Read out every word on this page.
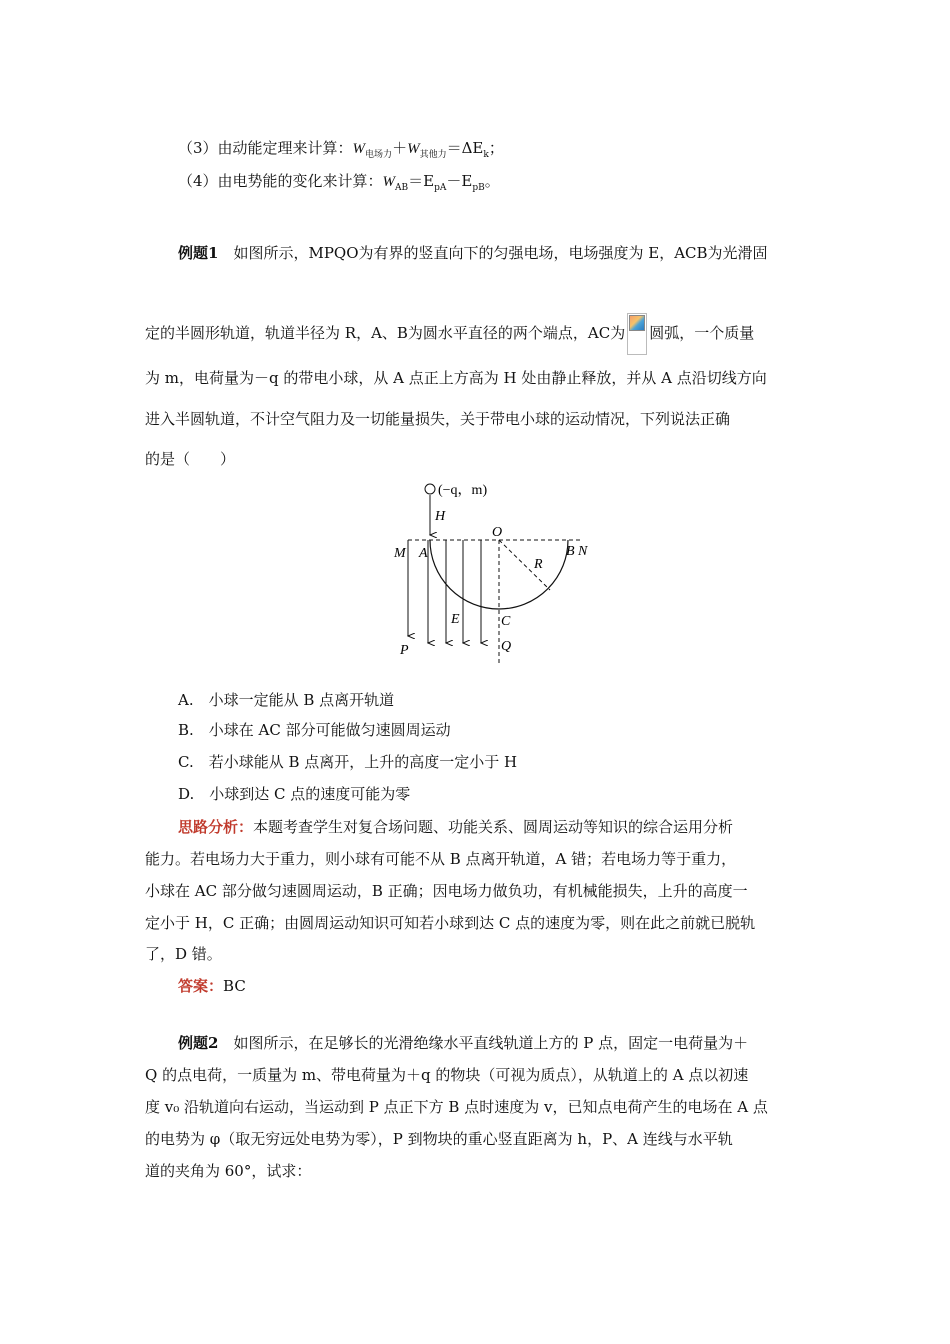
（3）由动能定理来计算：$W_{电场力}+W_{其他力}=\Delta E_k$；
（4）由电势能的变化来计算：$W_{AB}=E_{pA}-E_{pB}$。
例题1　 如图所示，MPQO为有界的竖直向下的匀强电场，电场强度为 E，ACB为光滑固
定的半圆形轨道，轨道半径为 R，A、B为圆水平直径的两个端点，AC为 圆弧，一个质量
为 m，电荷量为－q 的带电小球，从 A 点正上方高为 H 处由静止释放，并从 A 点沿切线方向
进入半圆轨道，不计空气阻力及一切能量损失，关于带电小球的运动情况，下列说法正确
的是（　　）
(−q，m)
H
O
M A	B N
R
E	C
P	Q
A.　小球一定能从 B 点离开轨道
B.　小球在 AC 部分可能做匀速圆周运动
C.　若小球能从 B 点离开，上升的高度一定小于 H
D.　小球到达 C 点的速度可能为零
思路分析：本题考查学生对复合场问题、功能关系、圆周运动等知识的综合运用分析
能力。若电场力大于重力，则小球有可能不从 B 点离开轨道，A 错；若电场力等于重力，
小球在 AC 部分做匀速圆周运动，B 正确；因电场力做负功，有机械能损失，上升的高度一
定小于 H，C 正确；由圆周运动知识可知若小球到达 C 点的速度为零，则在此之前就已脱轨
了，D 错。
答案：BC
例题2　 如图所示，在足够长的光滑绝缘水平直线轨道上方的 P 点，固定一电荷量为＋
Q 的点电荷，一质量为 m、带电荷量为＋q 的物块（可视为质点），从轨道上的 A 点以初速
度 v₀ 沿轨道向右运动，当运动到 P 点正下方 B 点时速度为 v，已知点电荷产生的电场在 A 点
的电势为 φ（取无穷远处电势为零），P 到物块的重心竖直距离为 h，P、A 连线与水平轨
道的夹角为 60°，试求：
